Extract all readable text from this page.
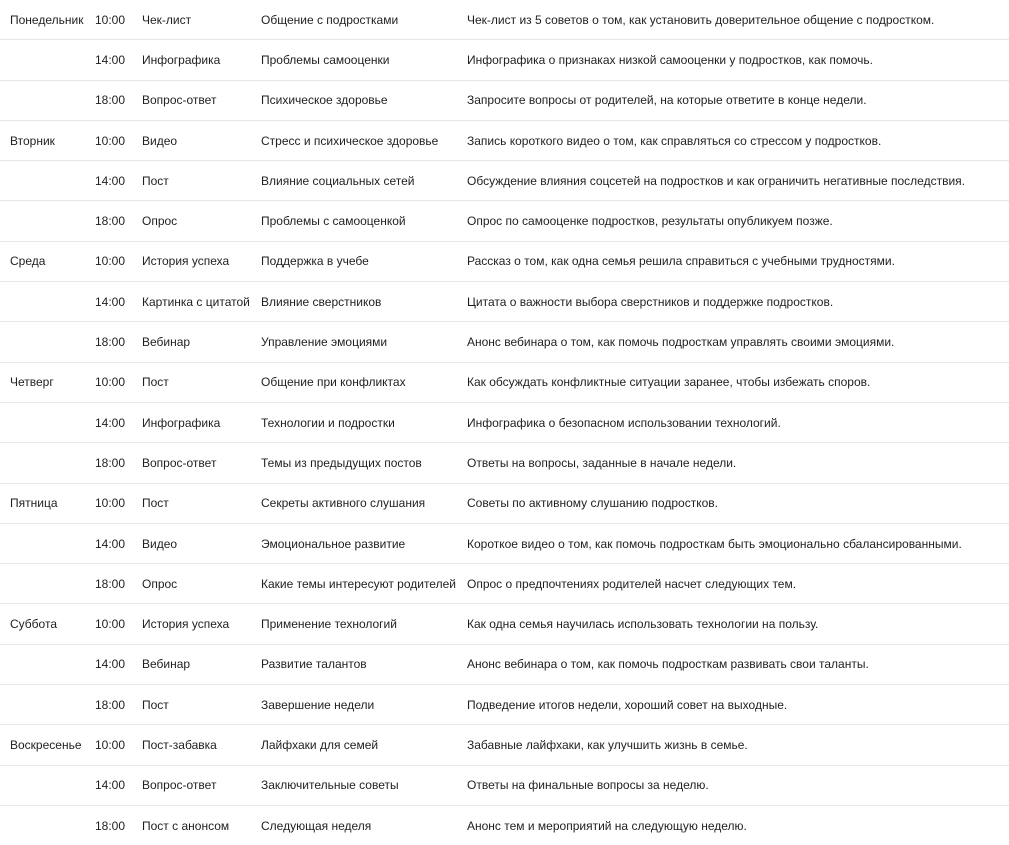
Понедельник	10:00	Чек-лист	Общение с подростками	Чек-лист из 5 советов о том, как установить доверительное общение с подростком.
	14:00	Инфографика	Проблемы самооценки	Инфографика о признаках низкой самооценки у подростков, как помочь.
	18:00	Вопрос-ответ	Психическое здоровье	Запросите вопросы от родителей, на которые ответите в конце недели.
Вторник	10:00	Видео	Стресс и психическое здоровье	Запись короткого видео о том, как справляться со стрессом у подростков.
	14:00	Пост	Влияние социальных сетей	Обсуждение влияния соцсетей на подростков и как ограничить негативные последствия.
	18:00	Опрос	Проблемы с самооценкой	Опрос по самооценке подростков, результаты опубликуем позже.
Среда	10:00	История успеха	Поддержка в учебе	Рассказ о том, как одна семья решила справиться с учебными трудностями.
	14:00	Картинка с цитатой	Влияние сверстников	Цитата о важности выбора сверстников и поддержке подростков.
	18:00	Вебинар	Управление эмоциями	Анонс вебинара о том, как помочь подросткам управлять своими эмоциями.
Четверг	10:00	Пост	Общение при конфликтах	Как обсуждать конфликтные ситуации заранее, чтобы избежать споров.
	14:00	Инфографика	Технологии и подростки	Инфографика о безопасном использовании технологий.
	18:00	Вопрос-ответ	Темы из предыдущих постов	Ответы на вопросы, заданные в начале недели.
Пятница	10:00	Пост	Секреты активного слушания	Советы по активному слушанию подростков.
	14:00	Видео	Эмоциональное развитие	Короткое видео о том, как помочь подросткам быть эмоционально сбалансированными.
	18:00	Опрос	Какие темы интересуют родителей	Опрос о предпочтениях родителей насчет следующих тем.
Суббота	10:00	История успеха	Применение технологий	Как одна семья научилась использовать технологии на пользу.
	14:00	Вебинар	Развитие талантов	Анонс вебинара о том, как помочь подросткам развивать свои таланты.
	18:00	Пост	Завершение недели	Подведение итогов недели, хороший совет на выходные.
Воскресенье	10:00	Пост-забавка	Лайфхаки для семей	Забавные лайфхаки, как улучшить жизнь в семье.
	14:00	Вопрос-ответ	Заключительные советы	Ответы на финальные вопросы за неделю.
	18:00	Пост с анонсом	Следующая неделя	Анонс тем и мероприятий на следующую неделю.
